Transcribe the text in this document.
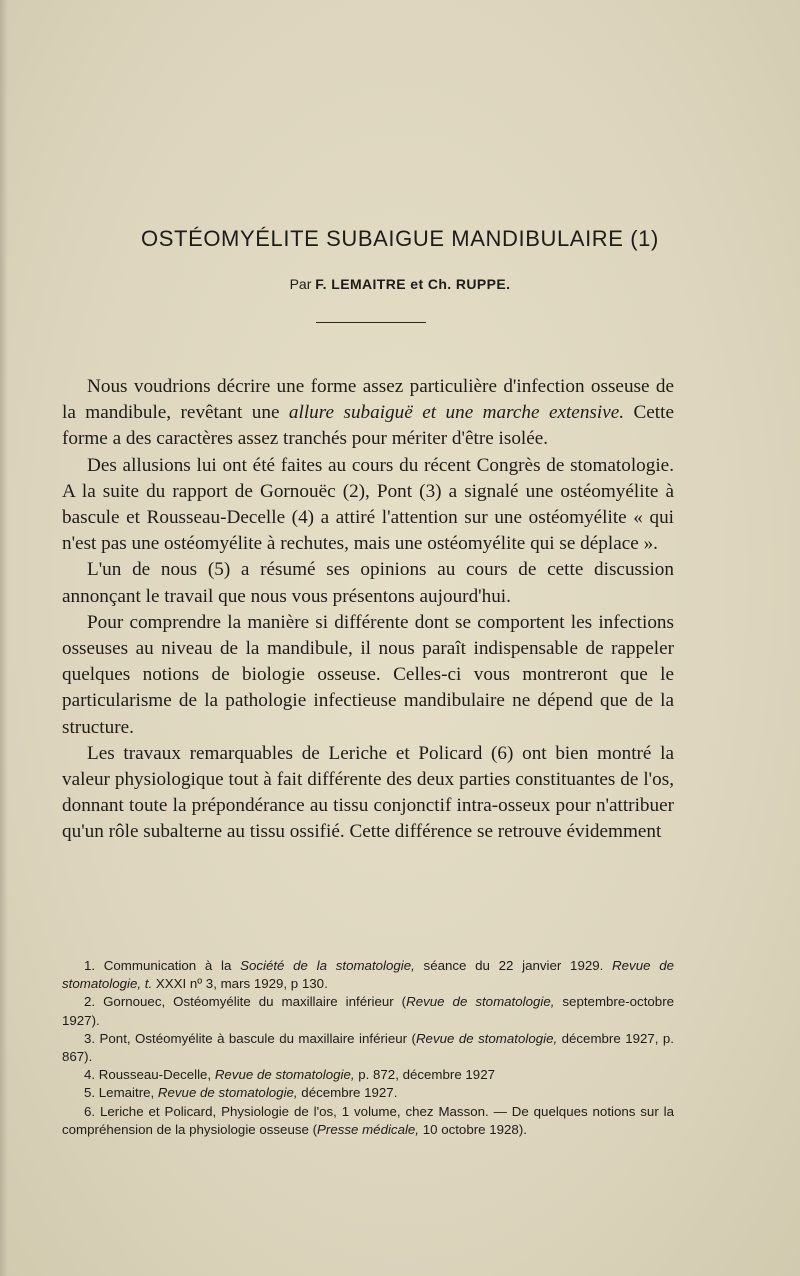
OSTÉOMYÉLITE SUBAIGUE MANDIBULAIRE (1)

Par F. LEMAITRE et Ch. RUPPE.

Nous voudrions décrire une forme assez particulière d'infection osseuse de la mandibule, revêtant une allure subaiguë et une marche extensive. Cette forme a des caractères assez tranchés pour mériter d'être isolée.

Des allusions lui ont été faites au cours du récent Congrès de stomatologie. A la suite du rapport de Gornouëc (2), Pont (3) a signalé une ostéomyélite à bascule et Rousseau-Decelle (4) a attiré l'attention sur une ostéomyélite « qui n'est pas une ostéomyélite à rechutes, mais une ostéomyélite qui se déplace ».

L'un de nous (5) a résumé ses opinions au cours de cette discussion annonçant le travail que nous vous présentons aujourd'hui.

Pour comprendre la manière si différente dont se comportent les infections osseuses au niveau de la mandibule, il nous paraît indispensable de rappeler quelques notions de biologie osseuse. Celles-ci vous montreront que le particularisme de la pathologie infectieuse mandibulaire ne dépend que de la structure.

Les travaux remarquables de Leriche et Policard (6) ont bien montré la valeur physiologique tout à fait différente des deux parties constituantes de l'os, donnant toute la prépondérance au tissu conjonctif intra-osseux pour n'attribuer qu'un rôle subalterne au tissu ossifié. Cette différence se retrouve évidemment

1. Communication à la Société de la stomatologie, séance du 22 janvier 1929. Revue de stomatologie, t. XXXI nº 3, mars 1929, p 130.

2. Gornouec, Ostéomyélite du maxillaire inférieur (Revue de stomatologie, septembre-octobre 1927).

3. Pont, Ostéomyélite à bascule du maxillaire inférieur (Revue de stomatologie, décembre 1927, p. 867).

4. Rousseau-Decelle, Revue de stomatologie, p. 872, décembre 1927

5. Lemaitre, Revue de stomatologie, décembre 1927.

6. Leriche et Policard, Physiologie de l'os, 1 volume, chez Masson. — De quelques notions sur la compréhension de la physiologie osseuse (Presse médicale, 10 octobre 1928).
